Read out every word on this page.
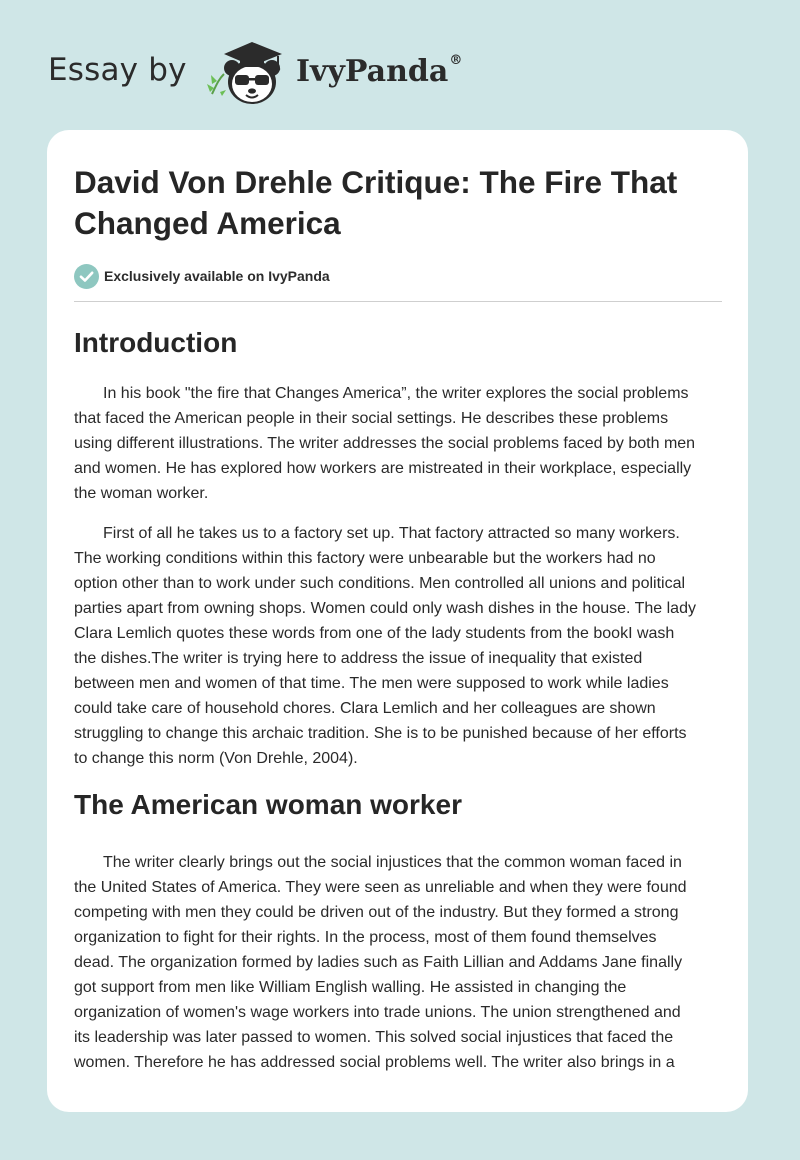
Essay by	IvyPanda®
David Von Drehle Critique: The Fire That
Changed America
Exclusively available on IvyPanda
Introduction

In his book "the fire that Changes America”, the writer explores the social problems
that faced the American people in their social settings. He describes these problems
using different illustrations. The writer addresses the social problems faced by both men
and women. He has explored how workers are mistreated in their workplace, especially
the woman worker.

First of all he takes us to a factory set up. That factory attracted so many workers.
The working conditions within this factory were unbearable but the workers had no
option other than to work under such conditions. Men controlled all unions and political
parties apart from owning shops. Women could only wash dishes in the house. The lady
Clara Lemlich quotes these words from one of the lady students from the bookI wash
the dishes.The writer is trying here to address the issue of inequality that existed
between men and women of that time. The men were supposed to work while ladies
could take care of household chores. Clara Lemlich and her colleagues are shown
struggling to change this archaic tradition. She is to be punished because of her efforts
to change this norm (Von Drehle, 2004).

The American woman worker

The writer clearly brings out the social injustices that the common woman faced in
the United States of America. They were seen as unreliable and when they were found
competing with men they could be driven out of the industry. But they formed a strong
organization to fight for their rights. In the process, most of them found themselves
dead. The organization formed by ladies such as Faith Lillian and Addams Jane finally
got support from men like William English walling. He assisted in changing the
organization of women's wage workers into trade unions. The union strengthened and
its leadership was later passed to women. This solved social injustices that faced the
women. Therefore he has addressed social problems well. The writer also brings in a
